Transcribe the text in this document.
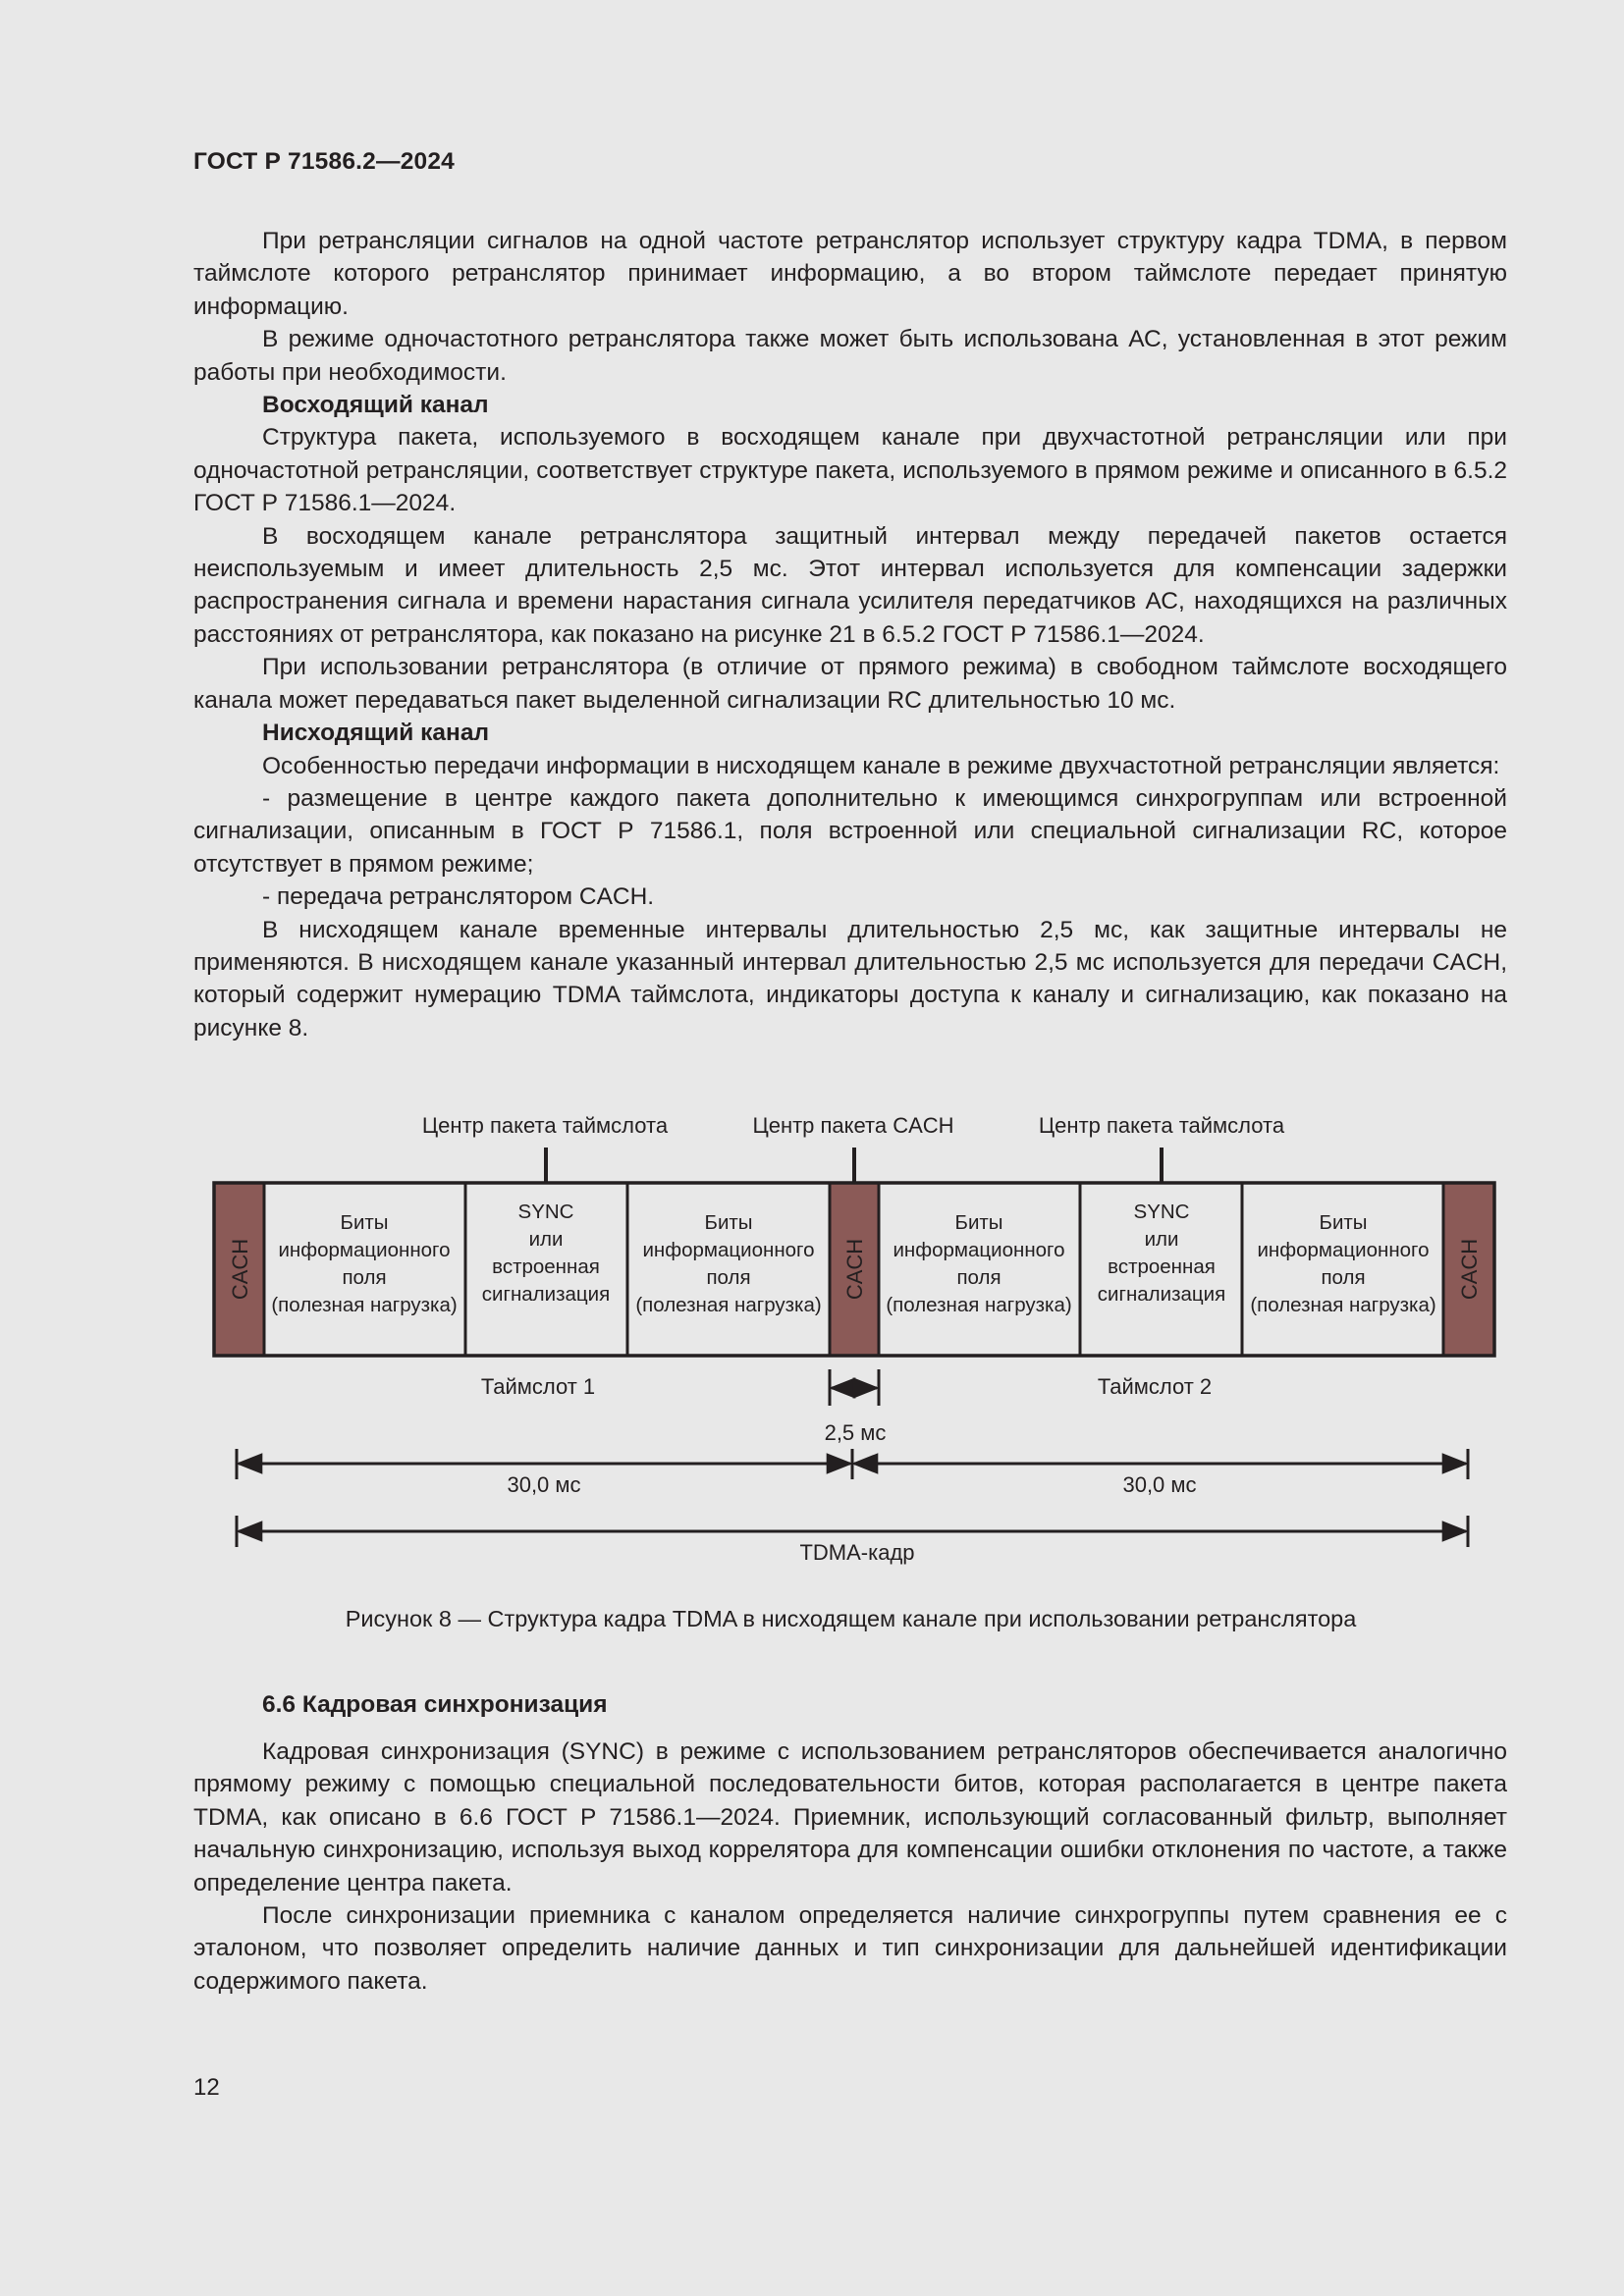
ГОСТ Р 71586.2—2024

При ретрансляции сигналов на одной частоте ретранслятор использует структуру кадра TDMA, в первом таймслоте которого ретранслятор принимает информацию, а во втором таймслоте передает принятую информацию.

В режиме одночастотного ретранслятора также может быть использована АС, установленная в этот режим работы при необходимости.

Восходящий канал

Структура пакета, используемого в восходящем канале при двухчастотной ретрансляции или при одночастотной ретрансляции, соответствует структуре пакета, используемого в прямом режиме и описанного в 6.5.2 ГОСТ Р 71586.1—2024.

В восходящем канале ретранслятора защитный интервал между передачей пакетов остается неиспользуемым и имеет длительность 2,5 мс. Этот интервал используется для компенсации задержки распространения сигнала и времени нарастания сигнала усилителя передатчиков АС, находящихся на различных расстояниях от ретранслятора, как показано на рисунке 21 в 6.5.2 ГОСТ Р 71586.1—2024.

При использовании ретранслятора (в отличие от прямого режима) в свободном таймслоте восходящего канала может передаваться пакет выделенной сигнализации RC длительностью 10 мс.

Нисходящий канал

Особенностью передачи информации в нисходящем канале в режиме двухчастотной ретрансляции является:

- размещение в центре каждого пакета дополнительно к имеющимся синхрогруппам или встроенной сигнализации, описанным в ГОСТ Р 71586.1, поля встроенной или специальной сигнализации RC, которое отсутствует в прямом режиме;

- передача ретранслятором CACH.

В нисходящем канале временные интервалы длительностью 2,5 мс, как защитные интервалы не применяются. В нисходящем канале указанный интервал длительностью 2,5 мс используется для передачи CACH, который содержит нумерацию TDMA таймслота, индикаторы доступа к каналу и сигнализацию, как показано на рисунке 8.

Центр пакета таймслота	Центр пакета CACH	Центр пакета таймслота
CACH	CACH	CACH
Биты
информационного
поля
(полезная нагрузка)
SYNC
или
встроенная
сигнализация
Биты
информационного
поля
(полезная нагрузка)
Биты
информационного
поля
(полезная нагрузка)
SYNC
или
встроенная
сигнализация
Биты
информационного
поля
(полезная нагрузка)
Таймслот 1	Таймслот 2
2,5 мс
30,0 мс	30,0 мс
TDMA-кадр
Рисунок 8 — Структура кадра TDMA в нисходящем канале при использовании ретранслятора
6.6 Кадровая синхронизация

Кадровая синхронизация (SYNC) в режиме с использованием ретрансляторов обеспечивается аналогично прямому режиму с помощью специальной последовательности битов, которая располагается в центре пакета TDMA, как описано в 6.6 ГОСТ Р 71586.1—2024. Приемник, использующий согласованный фильтр, выполняет начальную синхронизацию, используя выход коррелятора для компенсации ошибки отклонения по частоте, а также определение центра пакета.

После синхронизации приемника с каналом определяется наличие синхрогруппы путем сравнения ее с эталоном, что позволяет определить наличие данных и тип синхронизации для дальнейшей идентификации содержимого пакета.

12
